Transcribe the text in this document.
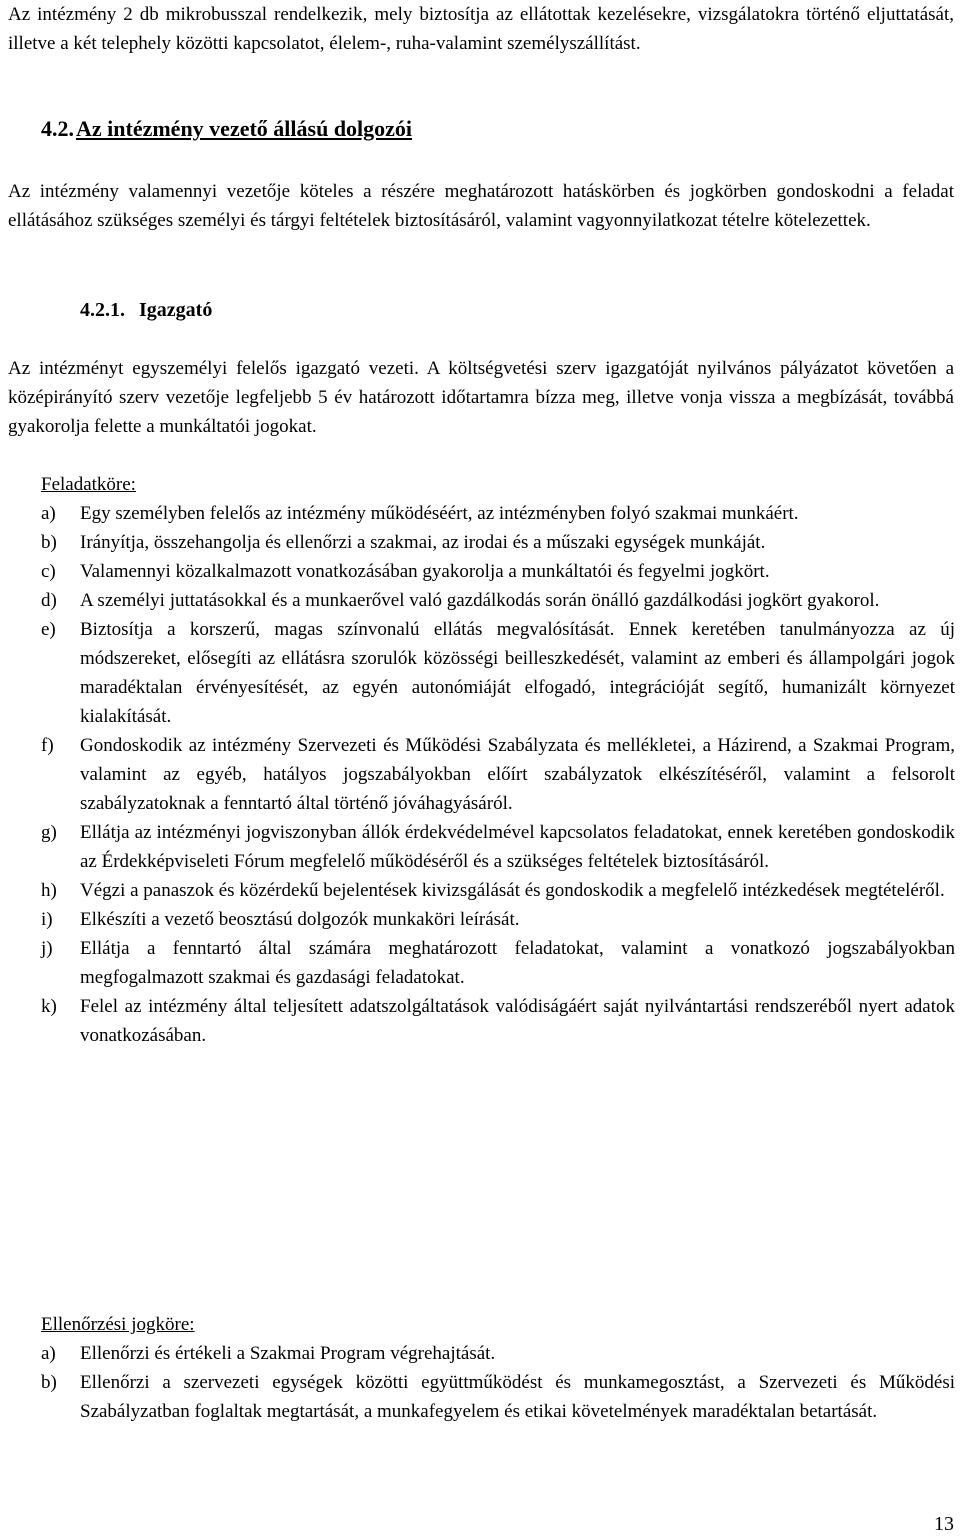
Az intézmény 2 db mikrobusszal rendelkezik, mely biztosítja az ellátottak kezelésekre, vizsgálatokra történő eljuttatását, illetve a két telephely közötti kapcsolatot, élelem-, ruha-valamint személyszállítást.

4.2.Az intézmény vezető állású dolgozói

Az intézmény valamennyi vezetője köteles a részére meghatározott hatáskörben és jogkörben gondoskodni a feladat ellátásához szükséges személyi és tárgyi feltételek biztosításáról, valamint vagyonnyilatkozat tételre kötelezettek.

4.2.1. Igazgató

Az intézményt egyszemélyi felelős igazgató vezeti. A költségvetési szerv igazgatóját nyilvános pályázatot követően a középirányító szerv vezetője legfeljebb 5 év határozott időtartamra bízza meg, illetve vonja vissza a megbízását, továbbá gyakorolja felette a munkáltatói jogokat.

Feladatköre:

a) Egy személyben felelős az intézmény működéséért, az intézményben folyó szakmai munkáért.
b) Irányítja, összehangolja és ellenőrzi a szakmai, az irodai és a műszaki egységek munkáját.
c) Valamennyi közalkalmazott vonatkozásában gyakorolja a munkáltatói és fegyelmi jogkört.
d) A személyi juttatásokkal és a munkaerővel való gazdálkodás során önálló gazdálkodási jogkört gyakorol.
e) Biztosítja a korszerű, magas színvonalú ellátás megvalósítását. Ennek keretében tanulmányozza az új módszereket, elősegíti az ellátásra szorulók közösségi beilleszkedését, valamint az emberi és állampolgári jogok maradéktalan érvényesítését, az egyén autonómiáját elfogadó, integrációját segítő, humanizált környezet kialakítását.
f) Gondoskodik az intézmény Szervezeti és Működési Szabályzata és mellékletei, a Házirend, a Szakmai Program, valamint az egyéb, hatályos jogszabályokban előírt szabályzatok elkészítéséről, valamint a felsorolt szabályzatoknak a fenntartó által történő jóváhagyásáról.
g) Ellátja az intézményi jogviszonyban állók érdekvédelmével kapcsolatos feladatokat, ennek keretében gondoskodik az Érdekképviseleti Fórum megfelelő működéséről és a szükséges feltételek biztosításáról.
h) Végzi a panaszok és közérdekű bejelentések kivizsgálását és gondoskodik a megfelelő intézkedések megtételéről.
i) Elkészíti a vezető beosztású dolgozók munkaköri leírását.
j) Ellátja a fenntartó által számára meghatározott feladatokat, valamint a vonatkozó jogszabályokban megfogalmazott szakmai és gazdasági feladatokat.
k) Felel az intézmény által teljesített adatszolgáltatások valódiságáért saját nyilvántartási rendszeréből nyert adatok vonatkozásában.

Ellenőrzési jogköre:

a) Ellenőrzi és értékeli a Szakmai Program végrehajtását.
b) Ellenőrzi a szervezeti egységek közötti együttműködést és munkamegosztást, a Szervezeti és Működési Szabályzatban foglaltak megtartását, a munkafegyelem és etikai követelmények maradéktalan betartását.

13
